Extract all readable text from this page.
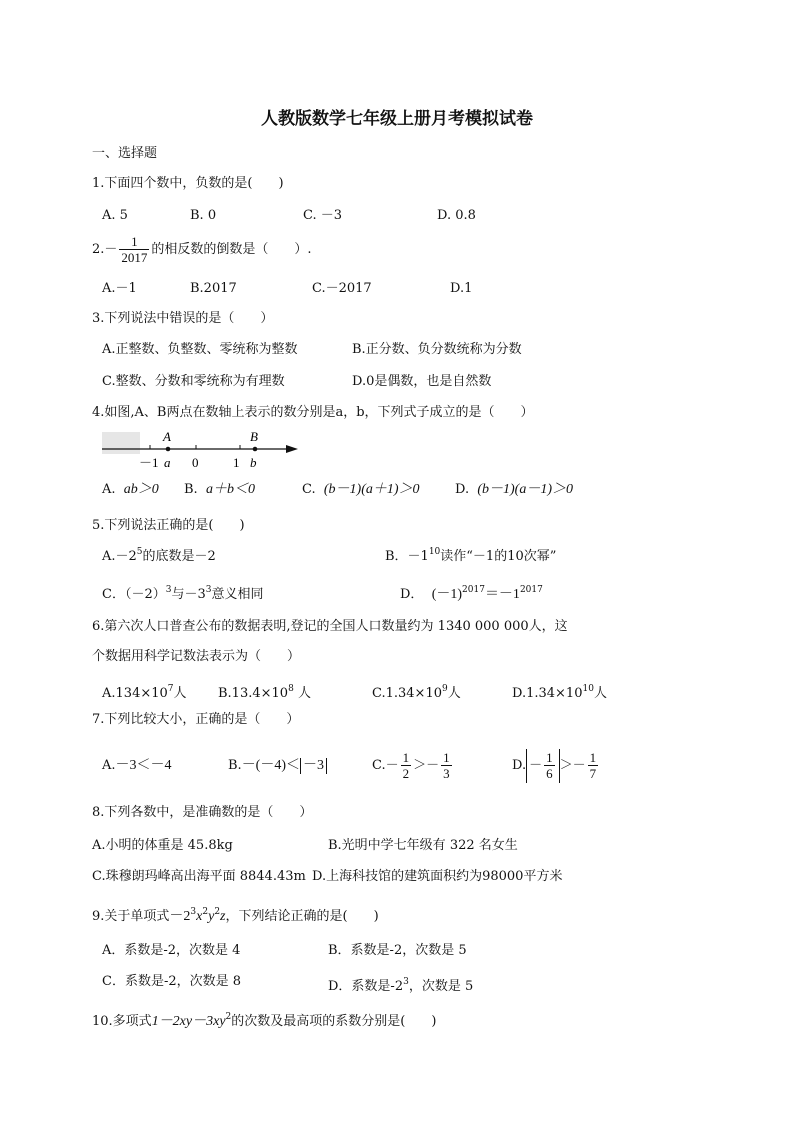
人教版数学七年级上册月考模拟试卷
一、选择题
1.下面四个数中，负数的是(　　)
A. 5	B. 0	C. －3	D. 0.8
$2.- \frac{1}{2017}$ 的相反数的倒数是（　　）.
A.－1	B.2017	C.－2017	D.1
3.下列说法中错误的是（　　）
A.正整数、负整数、零统称为整数	B.正分数、负分数统称为分数
C.整数、分数和零统称为有理数	D.0是偶数，也是自然数
4.如图,A、B两点在数轴上表示的数分别是a，b，下列式子成立的是（　　）
A	B
－1 a 0	1 b
A. ab＞0 B. a＋b＜0	C. (b－1)(a＋1)＞0	D. (b－1)(a－1)＞0
5.下列说法正确的是(　　)
$A.-2^5$的底数是－2	B．$-1^{10}$读作“－1的10次幂”
C．$(-2)^3$与$-3^3$意义相同	D． $(-1)^{2017}=-1^{2017}$
6.第六次人口普查公布的数据表明,登记的全国人口数量约为 1340 000 000人，这
个数据用科学记数法表示为（　　）
$A.134\times 10^7$人 $B.13.4\times 10^8$ 人	$C.1.34\times 10^9$人	$D.1.34\times 10^{10}$人
7.下列比较大小，正确的是（　　）
A.－3＜－4	B.－(－4)＜ －3	$C.- \frac{1}{2} >- \frac{1}{3}$	D. － $\frac{1}{6} >- \frac{1}{7}$
8.下列各数中，是准确数的是（　　）
A.小明的体重是 45.8kg	B.光明中学七年级有 322 名女生
C.珠穆朗玛峰高出海平面 8844.43m D.上海科技馆的建筑面积约为98000平方米
9.关于单项式$-2^3x^2y^2z$，下列结论正确的是(　　)
A．系数是-2，次数是 4	B．系数是-2，次数是 5
C．系数是-2，次数是 8	D．系数是$-2^3$，次数是 5
10.多项式$1-2xy-3xy^2$的次数及最高项的系数分别是(　　)
